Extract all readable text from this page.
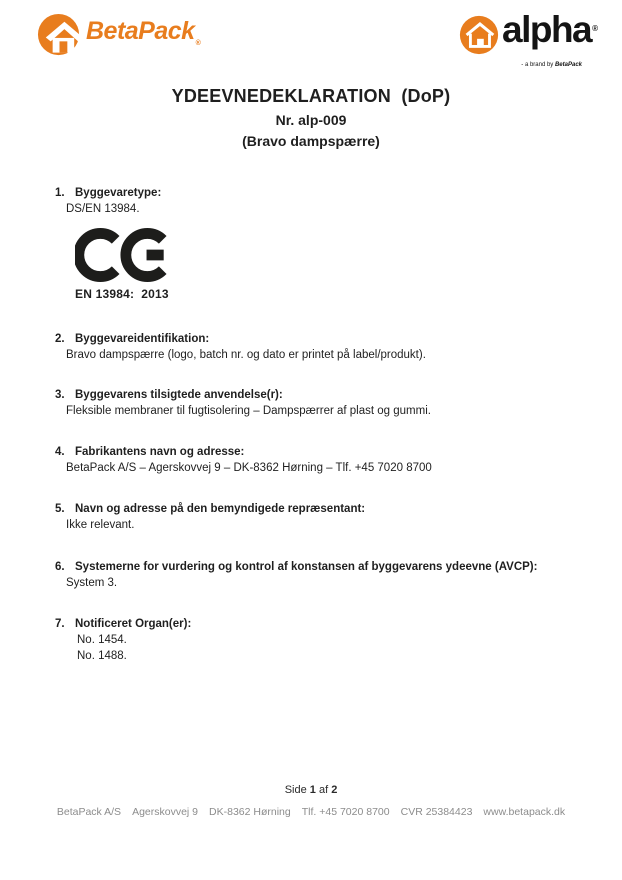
BetaPack$_®$	alpha®
- a brand by BetaPack
YDEEVNEDEKLARATION  (DoP)
Nr. alp-009
(Bravo dampspærre)
1. Byggevaretype:
DS/EN 13984.
EN 13984:  2013
2. Byggevareidentifikation:
Bravo dampspærre (logo, batch nr. og dato er printet på label/produkt).
3. Byggevarens tilsigtede anvendelse(r):
Fleksible membraner til fugtisolering – Dampspærrer af plast og gummi.
4. Fabrikantens navn og adresse:
BetaPack A/S – Agerskovvej 9 – DK-8362 Hørning – Tlf. +45 7020 8700
5. Navn og adresse på den bemyndigede repræsentant:
Ikke relevant.
6. Systemerne for vurdering og kontrol af konstansen af byggevarens ydeevne (AVCP):
System 3.
7. Notificeret Organ(er):
No. 1454.
No. 1488.
Side 1 af 2
BetaPack A/S Agerskovvej 9 DK-8362 Hørning Tlf. +45 7020 8700 CVR 25384423 www.betapack.dk
